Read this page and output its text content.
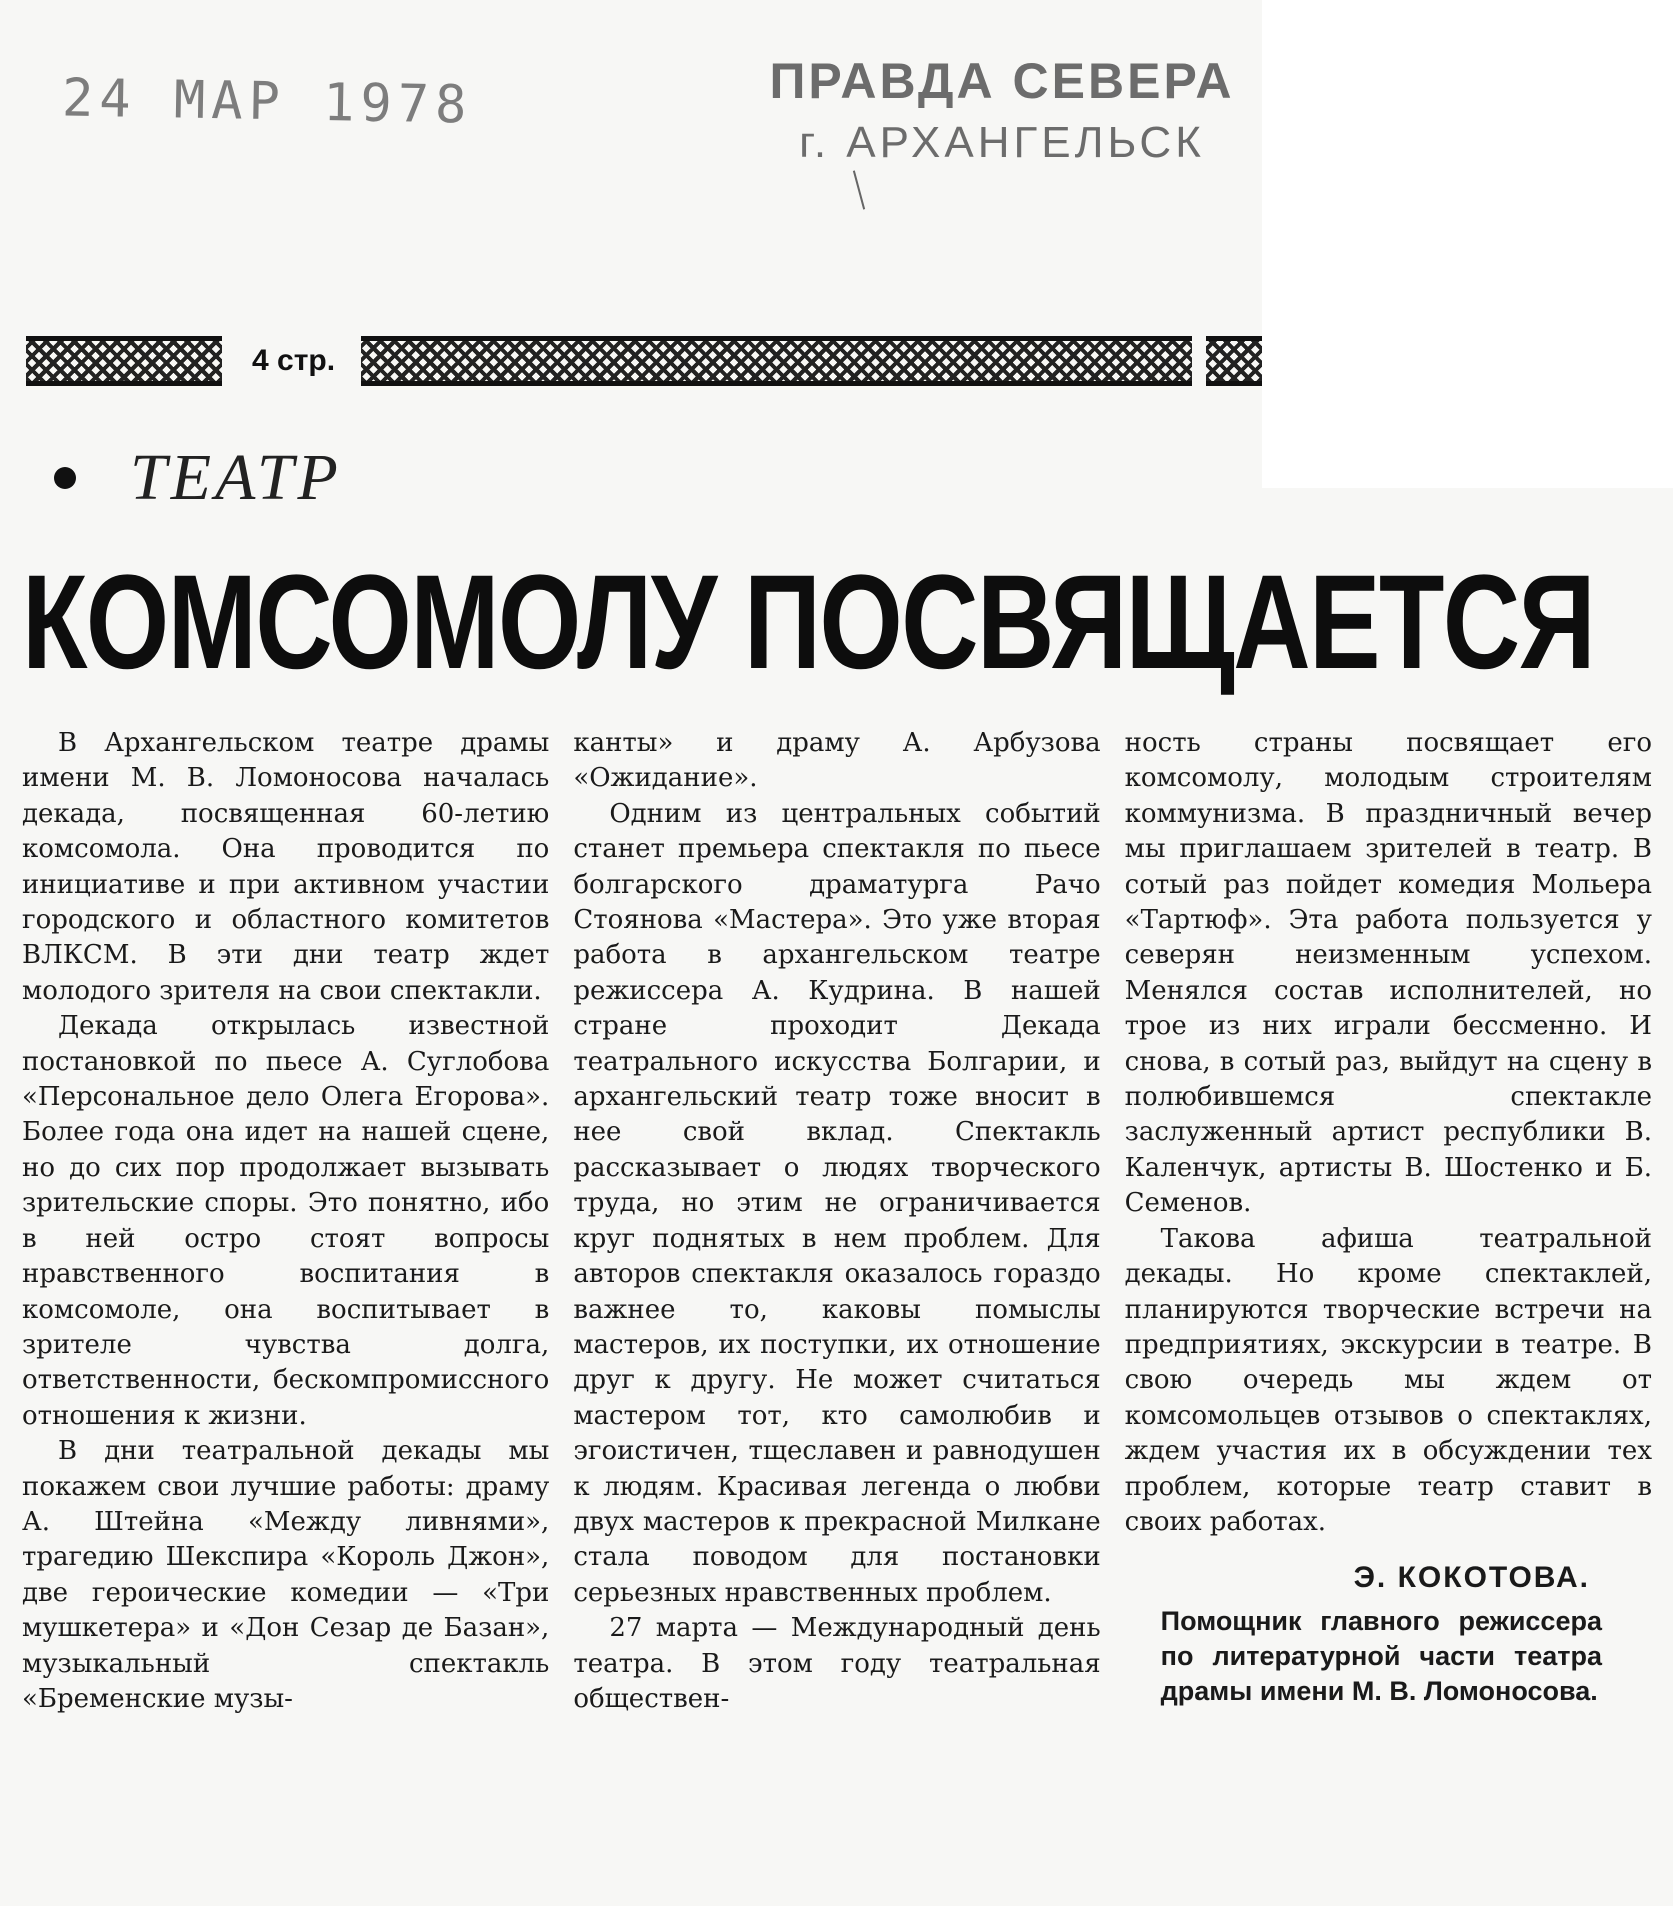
24 МАР 1978	ПРАВДА СЕВЕРА
г. АРХАНГЕЛЬСК
4 стр.
ТЕАТР
КОМСОМОЛУ ПОСВЯЩАЕТСЯ

В Архангельском театре драмы имени М. В. Ломоносова началась декада, посвященная 60-летию комсомола. Она проводится по инициативе и при активном участии городского и областного комитетов ВЛКСМ. В эти дни театр ждет молодого зрителя на свои спектакли.

Декада открылась известной постановкой по пьесе А. Суглобова «Персональное дело Олега Егорова». Более года она идет на нашей сцене, но до сих пор продолжает вызывать зрительские споры. Это понятно, ибо в ней остро стоят вопросы нравственного воспитания в комсомоле, она воспитывает в зрителе чувства долга, ответственности, бескомпромиссного отношения к жизни.

В дни театральной декады мы покажем свои лучшие работы: драму А. Штейна «Между ливнями», трагедию Шекспира «Король Джон», две героические комедии — «Три мушкетера» и «Дон Сезар де Базан», музыкальный спектакль «Бременские музы-

канты» и драму А. Арбузова «Ожидание».

Одним из центральных событий станет премьера спектакля по пьесе болгарского драматурга Рачо Стоянова «Мастера». Это уже вторая работа в архангельском театре режиссера А. Кудрина. В нашей стране проходит Декада театрального искусства Болгарии, и архангельский театр тоже вносит в нее свой вклад. Спектакль рассказывает о людях творческого труда, но этим не ограничивается круг поднятых в нем проблем. Для авторов спектакля оказалось гораздо важнее то, каковы помыслы мастеров, их поступки, их отношение друг к другу. Не может считаться мастером тот, кто самолюбив и эгоистичен, тщеславен и равнодушен к людям. Красивая легенда о любви двух мастеров к прекрасной Милкане стала поводом для постановки серьезных нравственных проблем.

27 марта — Международный день театра. В этом году театральная обществен-

ность страны посвящает его комсомолу, молодым строителям коммунизма. В праздничный вечер мы приглашаем зрителей в театр. В сотый раз пойдет комедия Мольера «Тартюф». Эта работа пользуется у северян неизменным успехом. Менялся состав исполнителей, но трое из них играли бессменно. И снова, в сотый раз, выйдут на сцену в полюбившемся спектакле заслуженный артист республики В. Каленчук, артисты В. Шостенко и Б. Семенов.

Такова афиша театральной декады. Но кроме спектаклей, планируются творческие встречи на предприятиях, экскурсии в театре. В свою очередь мы ждем от комсомольцев отзывов о спектаклях, ждем участия их в обсуждении тех проблем, которые театр ставит в своих работах.

Э. КОКОТОВА.
Помощник главного режиссера по литературной части театра драмы имени М. В. Ломоносова.
